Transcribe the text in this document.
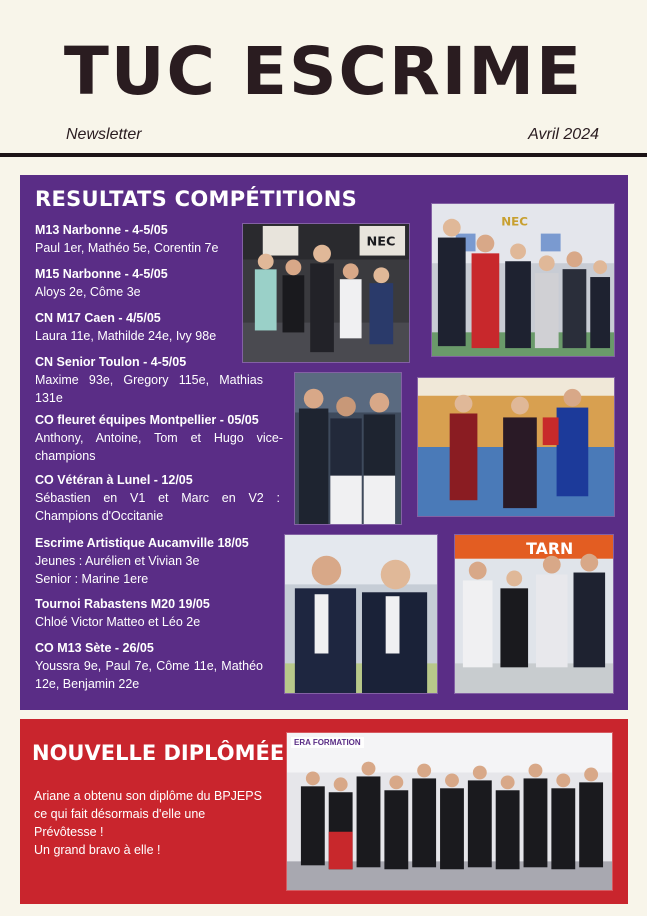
TUC ESCRIME
Newsletter	Avril 2024
RESULTATS COMPÉTITIONS
M13 Narbonne - 4-5/05
Paul 1er, Mathéo 5e, Corentin 7e
M15 Narbonne - 4-5/05
Aloys 2e, Côme 3e
CN M17 Caen - 4/5/05
Laura 11e, Mathilde 24e, Ivy 98e
CN Senior Toulon - 4-5/05
Maxime 93e, Gregory 115e, Mathias 131e
CO fleuret équipes Montpellier - 05/05
Anthony, Antoine, Tom et Hugo vice-champions
CO Vétéran à Lunel - 12/05
Sébastien en V1 et Marc en V2 : Champions d'Occitanie
Escrime Artistique Aucamville 18/05
Jeunes : Aurélien et Vivian 3e
Senior : Marine 1ere
Tournoi Rabastens M20 19/05
Chloé Victor Matteo et Léo 2e
CO M13 Sète - 26/05
Youssra 9e, Paul 7e, Côme 11e, Mathéo 12e, Benjamin 22e
NEC
NEC
TARN
NOUVELLE DIPLÔMÉE

Ariane a obtenu son diplôme du BPJEPS ce qui fait désormais d'elle une Prévôtesse !

Un grand bravo à elle !

ERA FORMATION
